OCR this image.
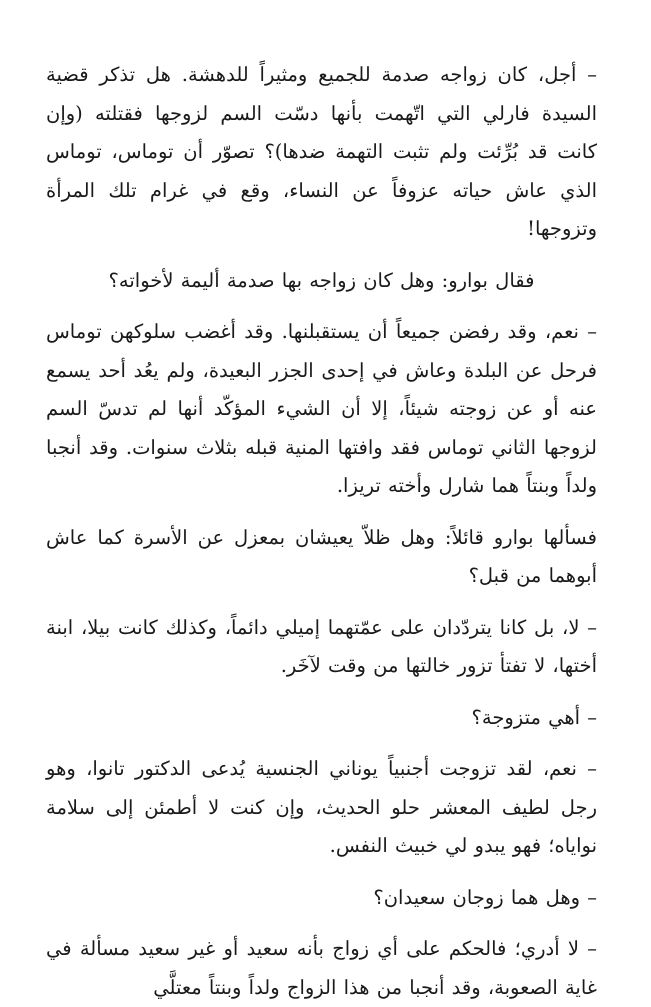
– أجل، كان زواجه صدمة للجميع ومثيراً للدهشة. هل تذكر قضية السيدة فارلي التي اتّهمت بأنها دسّت السم لزوجها فقتلته (وإن كانت قد بُرِّئت ولم تثبت التهمة ضدها)؟ تصوّر أن توماس، توماس الذي عاش حياته عزوفاً عن النساء، وقع في غرام تلك المرأة وتزوجها!

فقال بوارو: وهل كان زواجه بها صدمة أليمة لأخواته؟

– نعم، وقد رفضن جميعاً أن يستقبلنها. وقد أغضب سلوكهن توماس فرحل عن البلدة وعاش في إحدى الجزر البعيدة، ولم يعُد أحد يسمع عنه أو عن زوجته شيئاً، إلا أن الشيء المؤكّد أنها لم تدسّ السم لزوجها الثاني توماس فقد وافتها المنية قبله بثلاث سنوات. وقد أنجبا ولداً وبنتاً هما شارل وأخته تريزا.

فسألها بوارو قائلاً: وهل ظلاّ يعيشان بمعزل عن الأسرة كما عاش أبوهما من قبل؟

– لا، بل كانا يتردّدان على عمّتهما إميلي دائماً، وكذلك كانت بيلا، ابنة أختها، لا تفتأ تزور خالتها من وقت لآخَر.

– أهي متزوجة؟

– نعم، لقد تزوجت أجنبياً يوناني الجنسية يُدعى الدكتور تانوا، وهو رجل لطيف المعشر حلو الحديث، وإن كنت لا أطمئن إلى سلامة نواياه؛ فهو يبدو لي خبيث النفس.

– وهل هما زوجان سعيدان؟

– لا أدري؛ فالحكم على أي زواج بأنه سعيد أو غير سعيد مسألة في غاية الصعوبة، وقد أنجبا من هذا الزواج ولداً وبنتاً معتلَّي
